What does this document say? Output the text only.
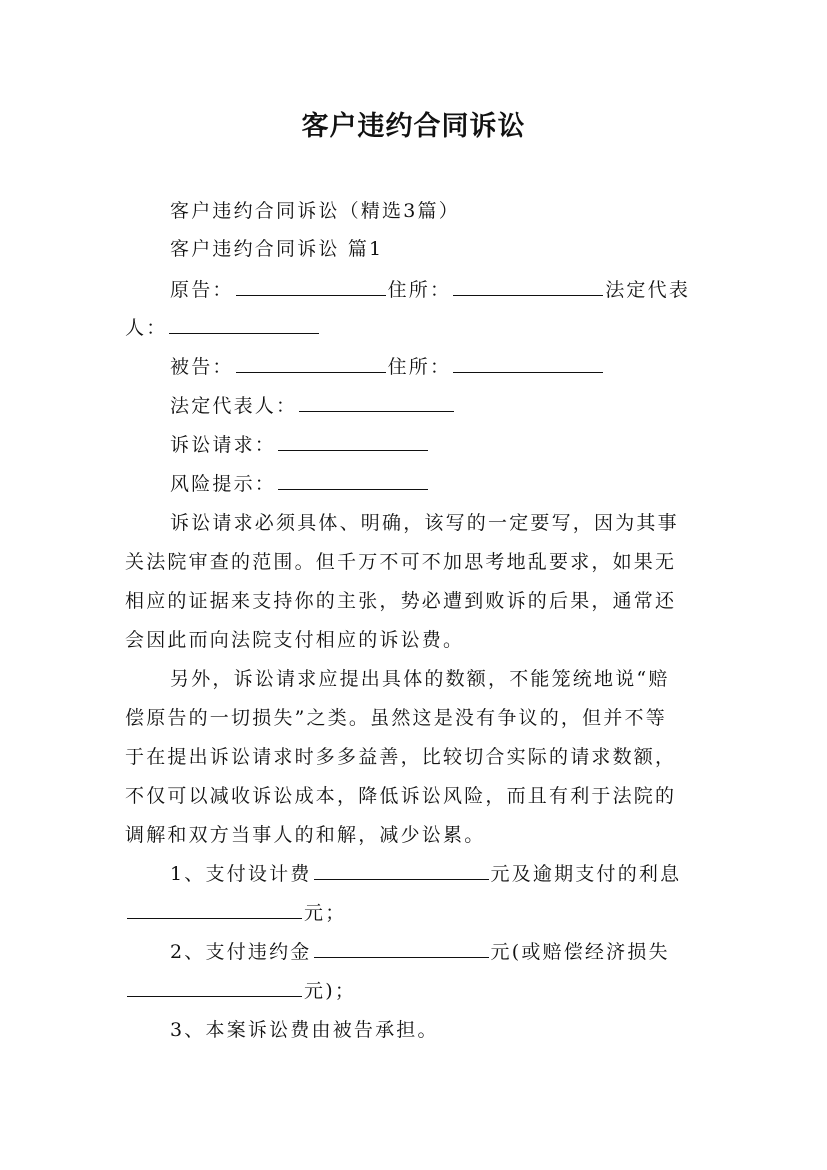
客户违约合同诉讼
客户违约合同诉讼（精选3篇）
客户违约合同诉讼 篇1
原告：	住所：	法定代表
人：
被告：	住所：
法定代表人：
诉讼请求：
风险提示：
诉讼请求必须具体、明确，该写的一定要写，因为其事
关法院审查的范围。但千万不可不加思考地乱要求，如果无
相应的证据来支持你的主张，势必遭到败诉的后果，通常还
会因此而向法院支付相应的诉讼费。
另外，诉讼请求应提出具体的数额，不能笼统地说“赔
偿原告的一切损失”之类。虽然这是没有争议的，但并不等
于在提出诉讼请求时多多益善，比较切合实际的请求数额，
不仅可以减收诉讼成本，降低诉讼风险，而且有利于法院的
调解和双方当事人的和解，减少讼累。
1、支付设计费	元及逾期支付的利息
元；
2、支付违约金	元(或赔偿经济损失
元)；
3、本案诉讼费由被告承担。
